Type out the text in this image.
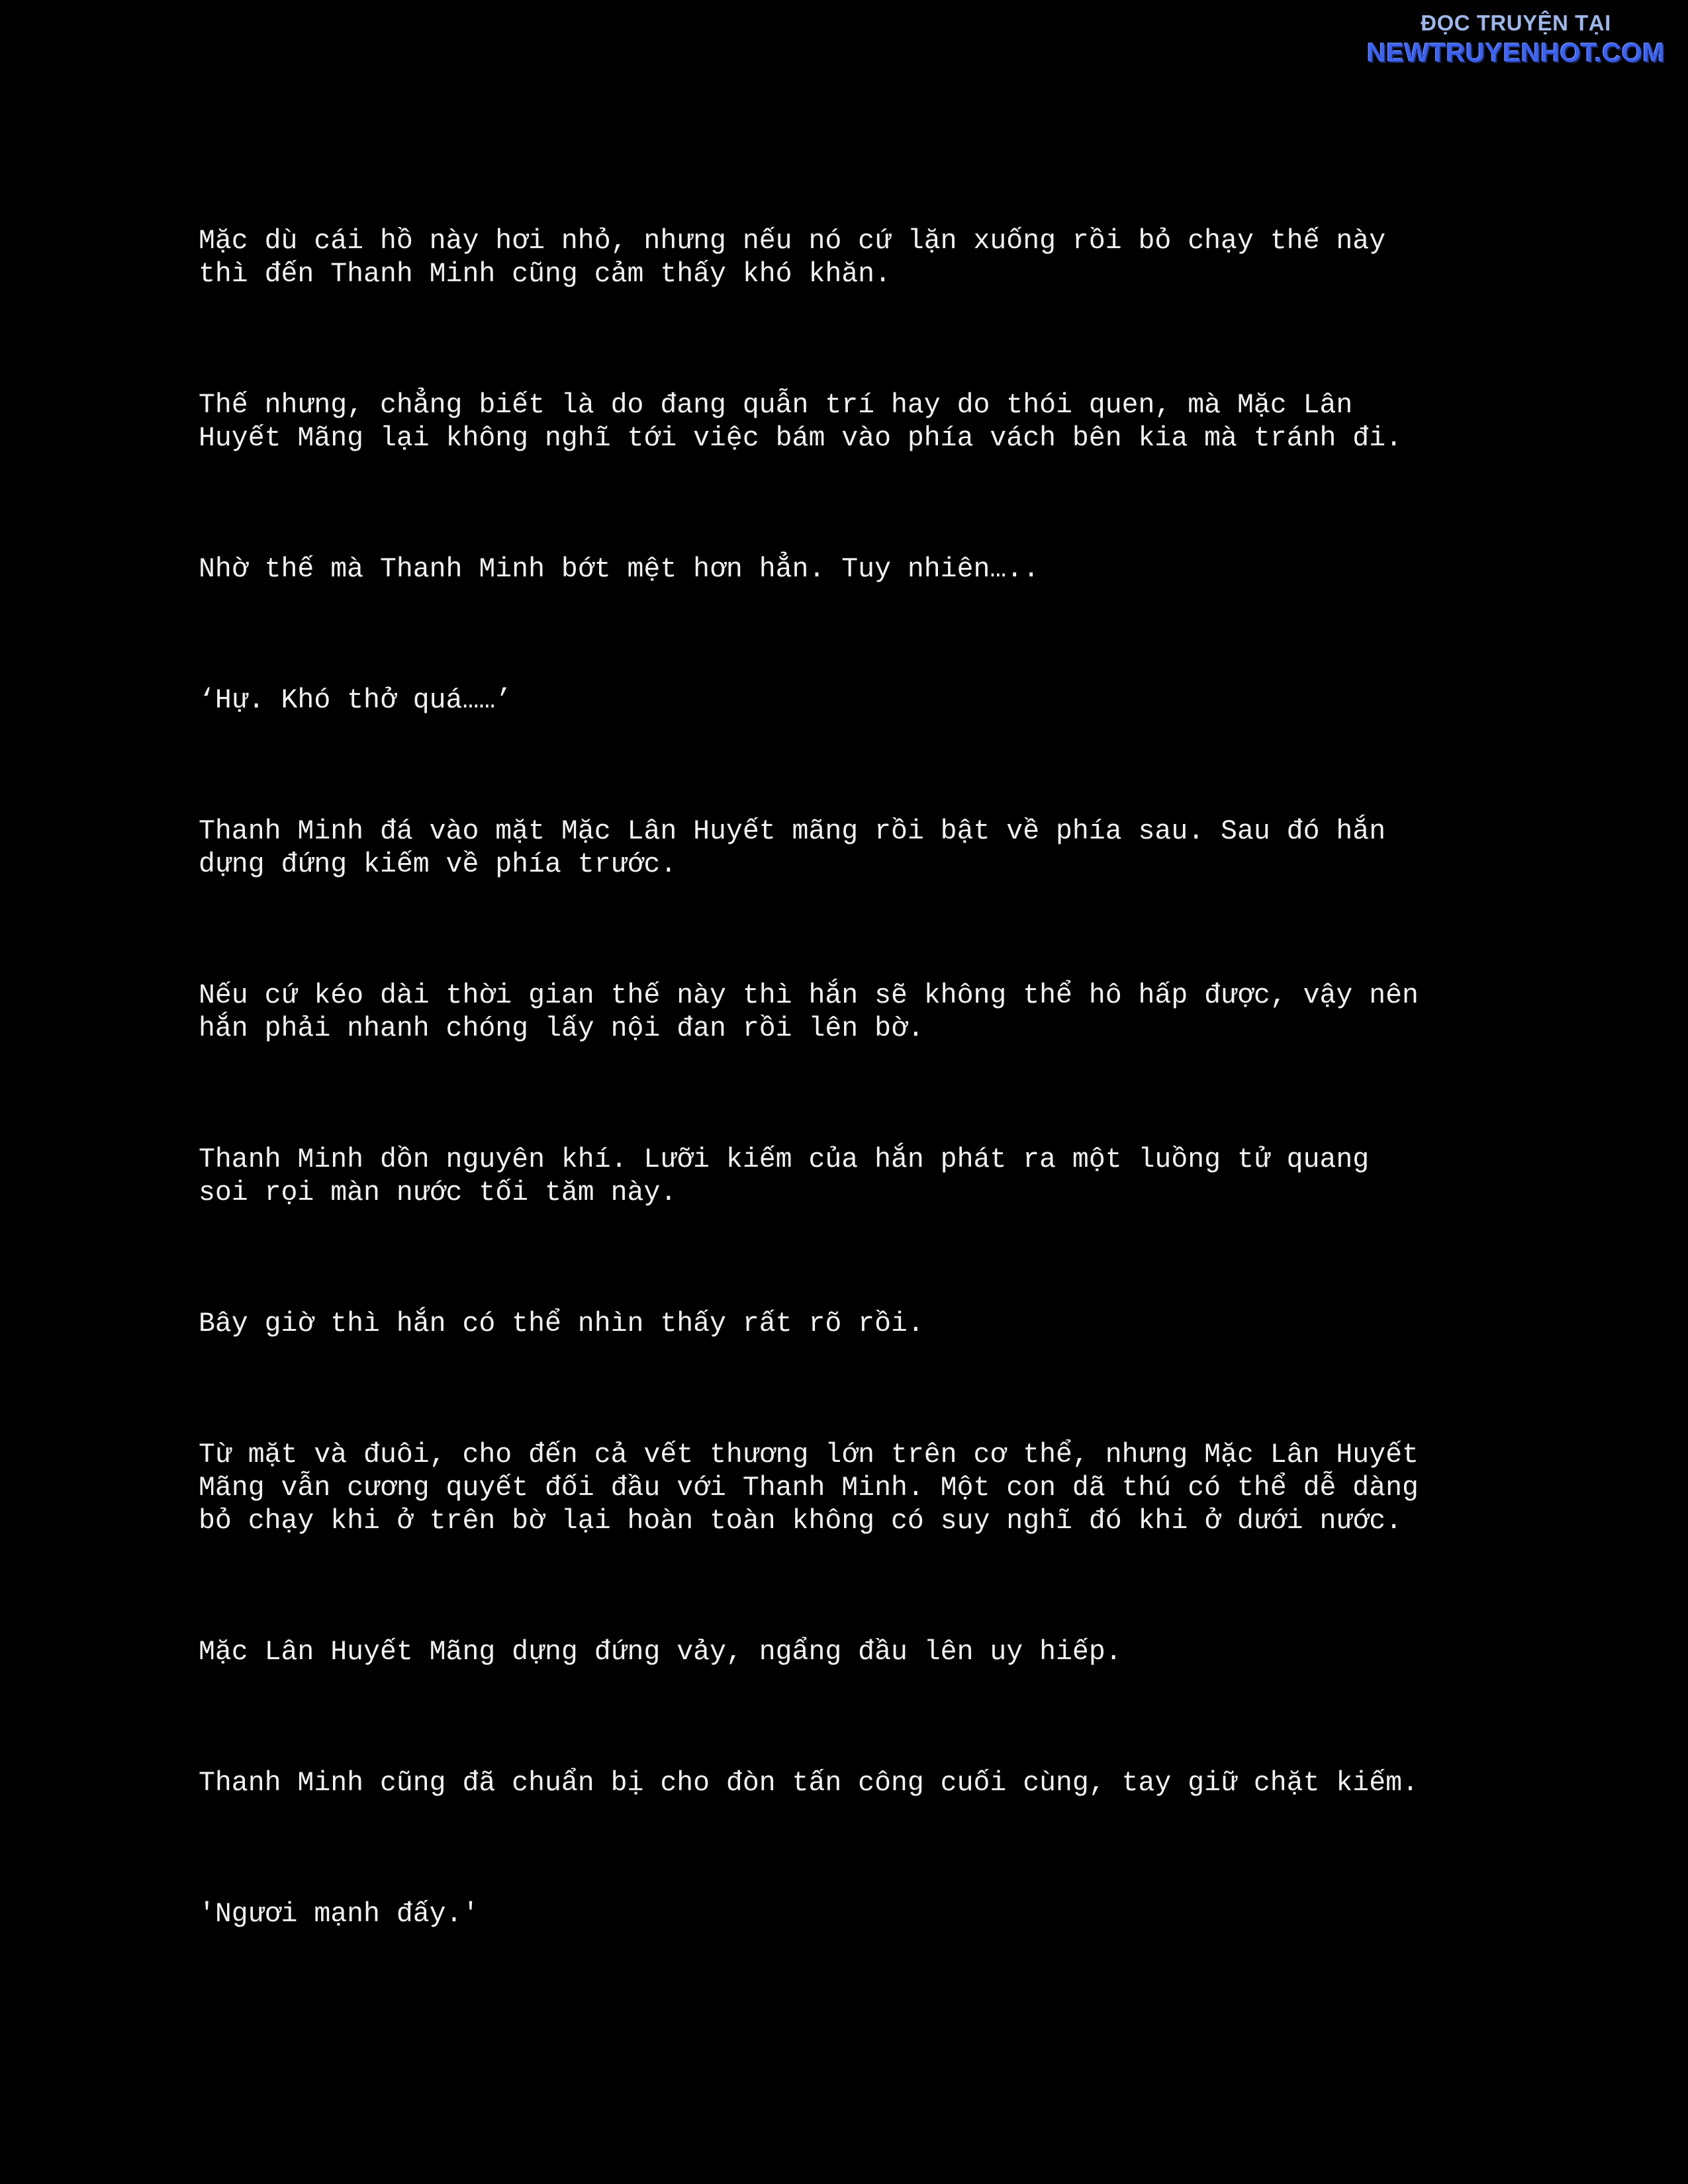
ĐỌC TRUYỆN TẠI
NEWTRUYENHOT.COM

Mặc dù cái hồ này hơi nhỏ, nhưng nếu nó cứ lặn xuống rồi bỏ chạy thế này
thì đến Thanh Minh cũng cảm thấy khó khăn.

Thế nhưng, chẳng biết là do đang quẫn trí hay do thói quen, mà Mặc Lân
Huyết Mãng lại không nghĩ tới việc bám vào phía vách bên kia mà tránh đi.

Nhờ thế mà Thanh Minh bớt mệt hơn hẳn. Tuy nhiên…..

‘Hự. Khó thở quá……’

Thanh Minh đá vào mặt Mặc Lân Huyết mãng rồi bật về phía sau. Sau đó hắn
dựng đứng kiếm về phía trước.

Nếu cứ kéo dài thời gian thế này thì hắn sẽ không thể hô hấp được, vậy nên
hắn phải nhanh chóng lấy nội đan rồi lên bờ.

Thanh Minh dồn nguyên khí. Lưỡi kiếm của hắn phát ra một luồng tử quang
soi rọi màn nước tối tăm này.

Bây giờ thì hắn có thể nhìn thấy rất rõ rồi.

Từ mặt và đuôi, cho đến cả vết thương lớn trên cơ thể, nhưng Mặc Lân Huyết
Mãng vẫn cương quyết đối đầu với Thanh Minh. Một con dã thú có thể dễ dàng
bỏ chạy khi ở trên bờ lại hoàn toàn không có suy nghĩ đó khi ở dưới nước.

Mặc Lân Huyết Mãng dựng đứng vảy, ngẩng đầu lên uy hiếp.

Thanh Minh cũng đã chuẩn bị cho đòn tấn công cuối cùng, tay giữ chặt kiếm.

'Ngươi mạnh đấy.'
